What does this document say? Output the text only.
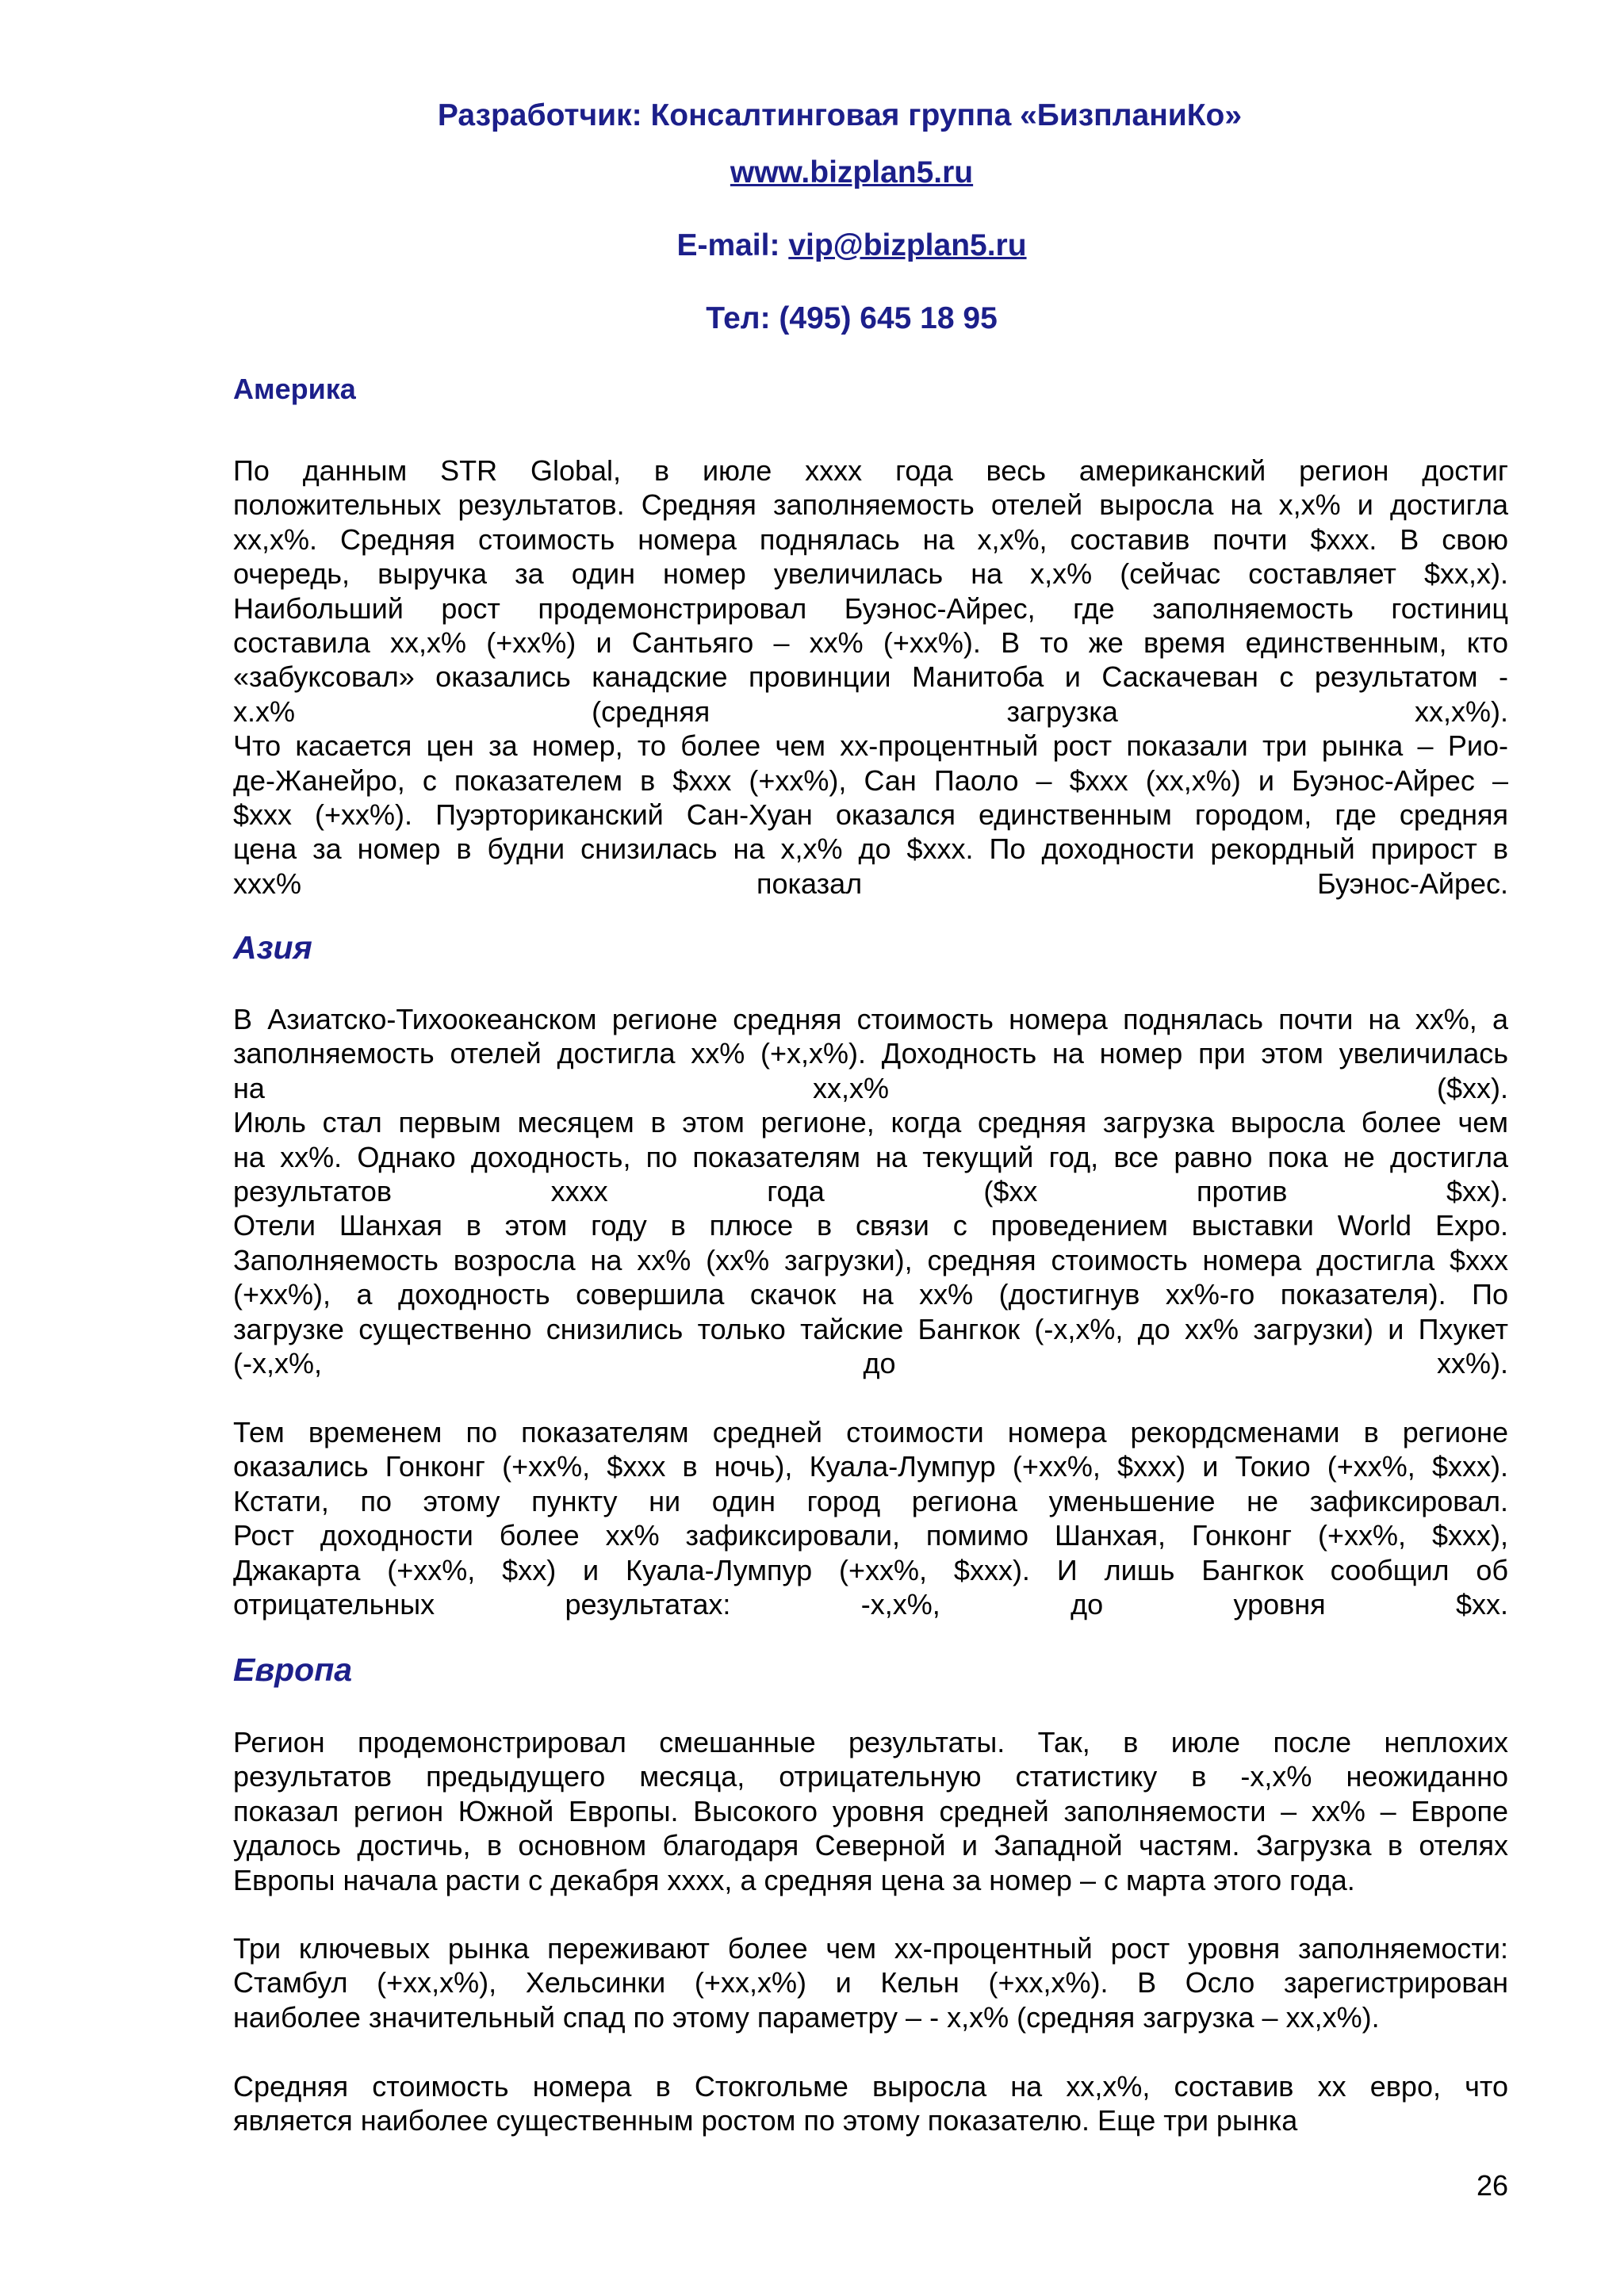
Разработчик: Консалтинговая группа «БизпланиКо»
www.bizplan5.ru
E-mail: vip@bizplan5.ru
Тел: (495) 645 18 95
Америка
По данным STR Global, в июле xxxx года весь американский регион достиг
положительных результатов. Средняя заполняемость отелей выросла на x,x% и достигла
xx,x%. Средняя стоимость номера поднялась на x,x%, составив почти $xxx. В свою
очередь, выручка за один номер увеличилась на x,x% (сейчас составляет $xx,x).
Наибольший рост продемонстрировал Буэнос-Айрес, где заполняемость гостиниц
составила xx,x% (+xx%) и Сантьяго – xx% (+xx%). В то же время единственным, кто
«забуксовал» оказались канадские провинции Манитоба и Саскачеван с результатом -
x.x% (средняя загрузка xx,x%).
Что касается цен за номер, то более чем xx-процентный рост показали три рынка – Рио-
де-Жанейро, с показателем в $xxx (+xx%), Сан Паоло – $xxx (xx,x%) и Буэнос-Айрес –
$xxx (+xx%). Пуэрториканский Сан-Хуан оказался единственным городом, где средняя
цена за номер в будни снизилась на x,x% до $xxx. По доходности рекордный прирост в
xxx% показал Буэнос-Айрес.
Азия
В Азиатско-Тихоокеанском регионе средняя стоимость номера поднялась почти на xx%, а
заполняемость отелей достигла xx% (+x,x%). Доходность на номер при этом увеличилась
на xx,x% ($xx).
Июль стал первым месяцем в этом регионе, когда средняя загрузка выросла более чем
на xx%. Однако доходность, по показателям на текущий год, все равно пока не достигла
результатов xxxx года ($xx против $xx).
Отели Шанхая в этом году в плюсе в связи с проведением выставки World Expo.
Заполняемость возросла на xx% (xx% загрузки), средняя стоимость номера достигла $xxx
(+xx%), а доходность совершила скачок на xx% (достигнув xx%-го показателя). По
загрузке существенно снизились только тайские Бангкок (-x,x%, до xx% загрузки) и Пхукет
(-x,x%, до xx%).
Тем временем по показателям средней стоимости номера рекордсменами в регионе
оказались Гонконг (+xx%, $xxx в ночь), Куала-Лумпур (+xx%, $xxx) и Токио (+xx%, $xxx).
Кстати, по этому пункту ни один город региона уменьшение не зафиксировал.
Рост доходности более xx% зафиксировали, помимо Шанхая, Гонконг (+xx%, $xxx),
Джакарта (+xx%, $xx) и Куала-Лумпур (+xx%, $xxx). И лишь Бангкок сообщил об
отрицательных результатах: -x,x%, до уровня $xx.
Европа
Регион продемонстрировал смешанные результаты. Так, в июле после неплохих
результатов предыдущего месяца, отрицательную статистику в -x,x% неожиданно
показал регион Южной Европы. Высокого уровня средней заполняемости – xx% – Европе
удалось достичь, в основном благодаря Северной и Западной частям. Загрузка в отелях
Европы начала расти с декабря xxxx, а средняя цена за номер – с марта этого года.
Три ключевых рынка переживают более чем xx-процентный рост уровня заполняемости:
Стамбул (+xx,x%), Хельсинки (+xx,x%) и Кельн (+xx,x%). В Осло зарегистрирован
наиболее значительный спад по этому параметру – - x,x% (средняя загрузка – xx,x%).
Средняя стоимость номера в Стокгольме выросла на xx,x%, составив xx евро, что
является наиболее существенным ростом по этому показателю. Еще три рынка
26
